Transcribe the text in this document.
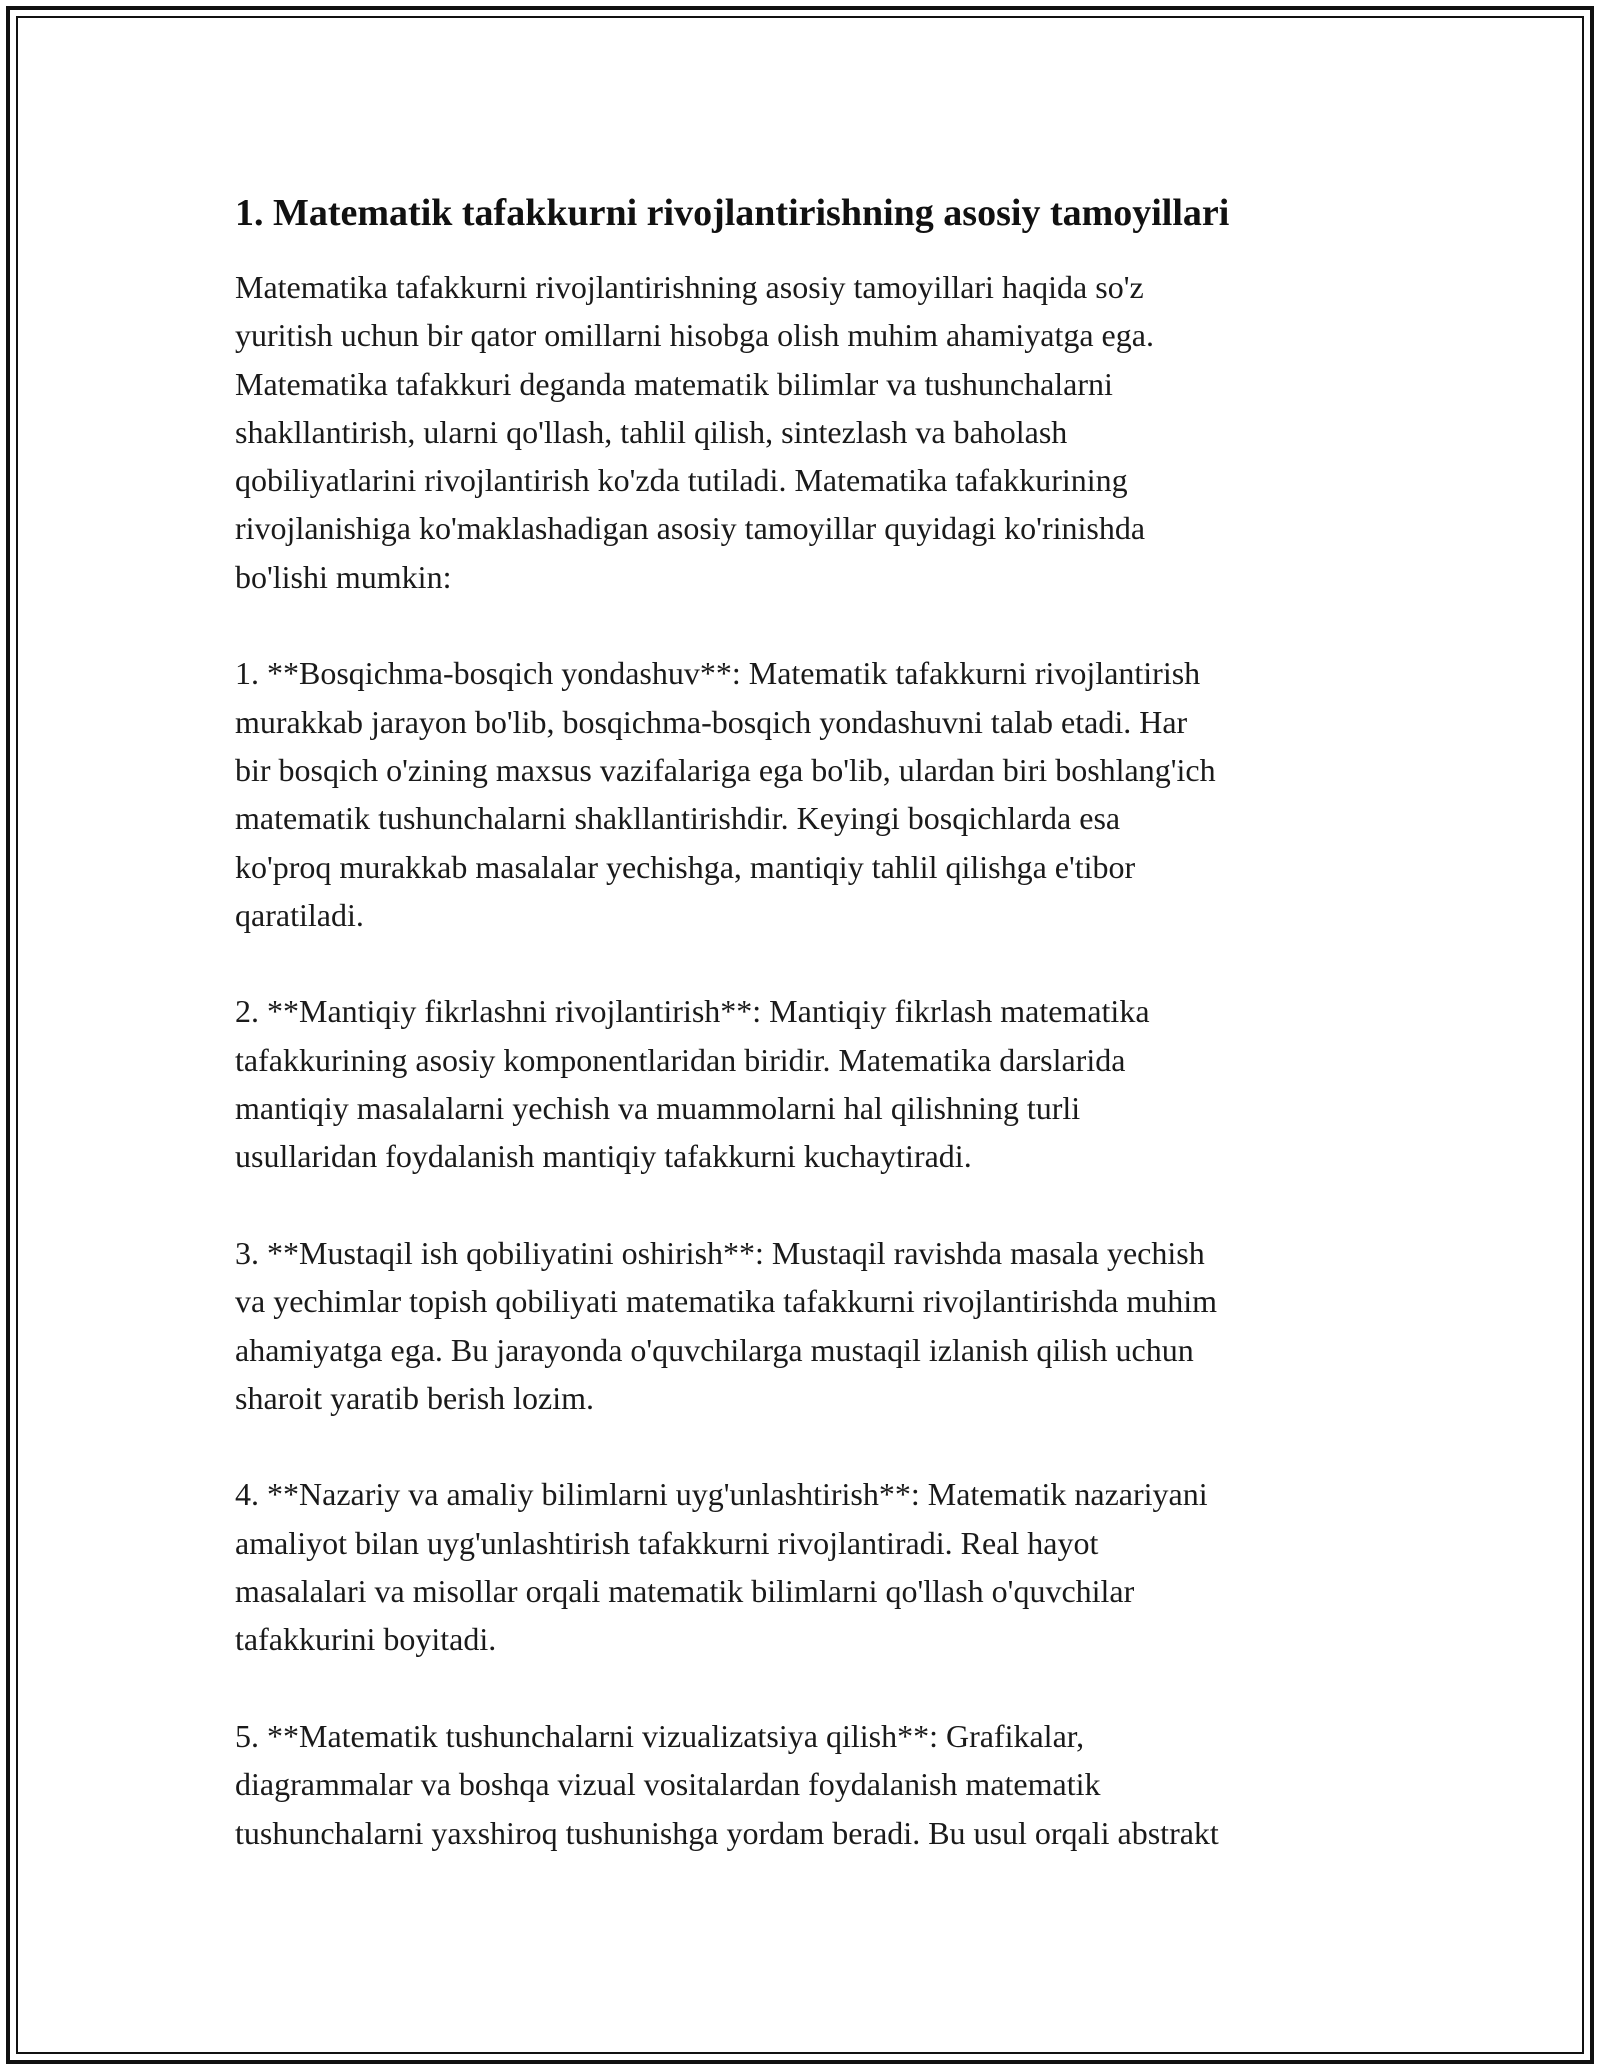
1. Matematik tafakkurni rivojlantirishning asosiy tamoyillari

Matematika tafakkurni rivojlantirishning asosiy tamoyillari haqida so'z
yuritish uchun bir qator omillarni hisobga olish muhim ahamiyatga ega.
Matematika tafakkuri deganda matematik bilimlar va tushunchalarni
shakllantirish, ularni qo'llash, tahlil qilish, sintezlash va baholash
qobiliyatlarini rivojlantirish ko'zda tutiladi. Matematika tafakkurining
rivojlanishiga ko'maklashadigan asosiy tamoyillar quyidagi ko'rinishda
bo'lishi mumkin:

1. **Bosqichma-bosqich yondashuv**: Matematik tafakkurni rivojlantirish
murakkab jarayon bo'lib, bosqichma-bosqich yondashuvni talab etadi. Har
bir bosqich o'zining maxsus vazifalariga ega bo'lib, ulardan biri boshlang'ich
matematik tushunchalarni shakllantirishdir. Keyingi bosqichlarda esa
ko'proq murakkab masalalar yechishga, mantiqiy tahlil qilishga e'tibor
qaratiladi.

2. **Mantiqiy fikrlashni rivojlantirish**: Mantiqiy fikrlash matematika
tafakkurining asosiy komponentlaridan biridir. Matematika darslarida
mantiqiy masalalarni yechish va muammolarni hal qilishning turli
usullaridan foydalanish mantiqiy tafakkurni kuchaytiradi.

3. **Mustaqil ish qobiliyatini oshirish**: Mustaqil ravishda masala yechish
va yechimlar topish qobiliyati matematika tafakkurni rivojlantirishda muhim
ahamiyatga ega. Bu jarayonda o'quvchilarga mustaqil izlanish qilish uchun
sharoit yaratib berish lozim.

4. **Nazariy va amaliy bilimlarni uyg'unlashtirish**: Matematik nazariyani
amaliyot bilan uyg'unlashtirish tafakkurni rivojlantiradi. Real hayot
masalalari va misollar orqali matematik bilimlarni qo'llash o'quvchilar
tafakkurini boyitadi.

5. **Matematik tushunchalarni vizualizatsiya qilish**: Grafikalar,
diagrammalar va boshqa vizual vositalardan foydalanish matematik
tushunchalarni yaxshiroq tushunishga yordam beradi. Bu usul orqali abstrakt
